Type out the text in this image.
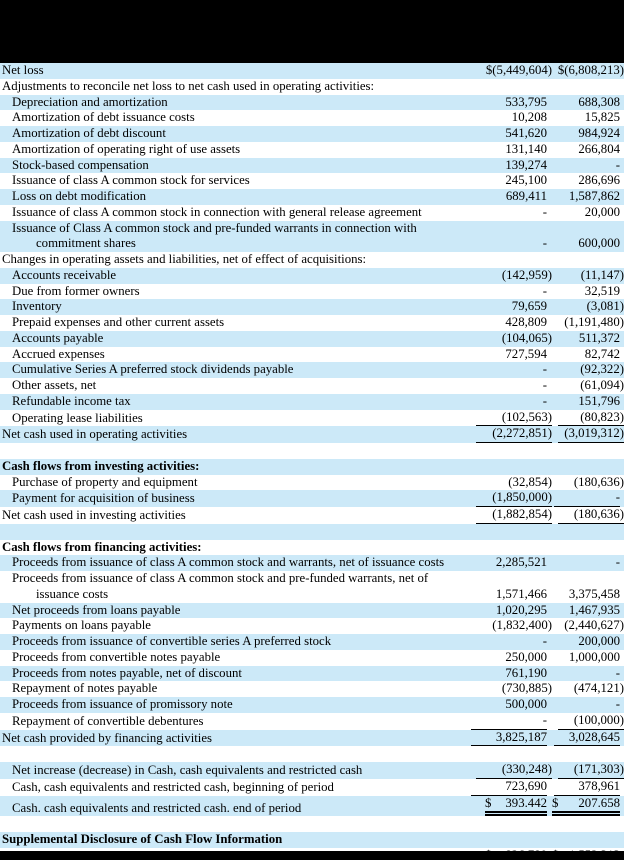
Net loss	$(5,449,604) $(6,808,213)
Adjustments to reconcile net loss to net cash used in operating activities:
Depreciation and amortization	533,795	688,308
Amortization of debt issuance costs	10,208	15,825
Amortization of debt discount	541,620	984,924
Amortization of operating right of use assets	131,140	266,804
Stock-based compensation	139,274	-
Issuance of class A common stock for services	245,100	286,696
Loss on debt modification	689,411	1,587,862
Issuance of class A common stock in connection with general release agreement	-	20,000
Issuance of Class A common stock and pre-funded warrants in connection with
commitment shares	-	600,000
Changes in operating assets and liabilities, net of effect of acquisitions:
Accounts receivable	(142,959)	(11,147)
Due from former owners	-	32,519
Inventory	79,659	(3,081)
Prepaid expenses and other current assets	428,809	(1,191,480)
Accounts payable	(104,065)	511,372
Accrued expenses	727,594	82,742
Cumulative Series A preferred stock dividends payable	-	(92,322)
Other assets, net	-	(61,094)
Refundable income tax	-	151,796
Operating lease liabilities	(102,563)	(80,823)
Net cash used in operating activities	(2,272,851) (3,019,312)
Cash flows from investing activities:
Purchase of property and equipment	(32,854)	(180,636)
Payment for acquisition of business	(1,850,000)	-
Net cash used in investing activities	(1,882,854)	(180,636)
Cash flows from financing activities:
Proceeds from issuance of class A common stock and warrants, net of issuance costs	2,285,521	-
Proceeds from issuance of class A common stock and pre-funded warrants, net of
issuance costs	1,571,466	3,375,458
Net proceeds from loans payable	1,020,295	1,467,935
Payments on loans payable	(1,832,400) (2,440,627)
Proceeds from issuance of convertible series A preferred stock	-	200,000
Proceeds from convertible notes payable	250,000	1,000,000
Proceeds from notes payable, net of discount	761,190	-
Repayment of notes payable	(730,885)	(474,121)
Proceeds from issuance of promissory note	500,000	-
Repayment of convertible debentures	-	(100,000)
Net cash provided by financing activities	3,825,187	3,028,645
Net increase (decrease) in Cash, cash equivalents and restricted cash	(330,248)	(171,303)
Cash, cash equivalents and restricted cash, beginning of period	723,690	378,961
Cash. cash equivalents and restricted cash. end of period	$ 393.442 $ 207.658
Supplemental Disclosure of Cash Flow Information
